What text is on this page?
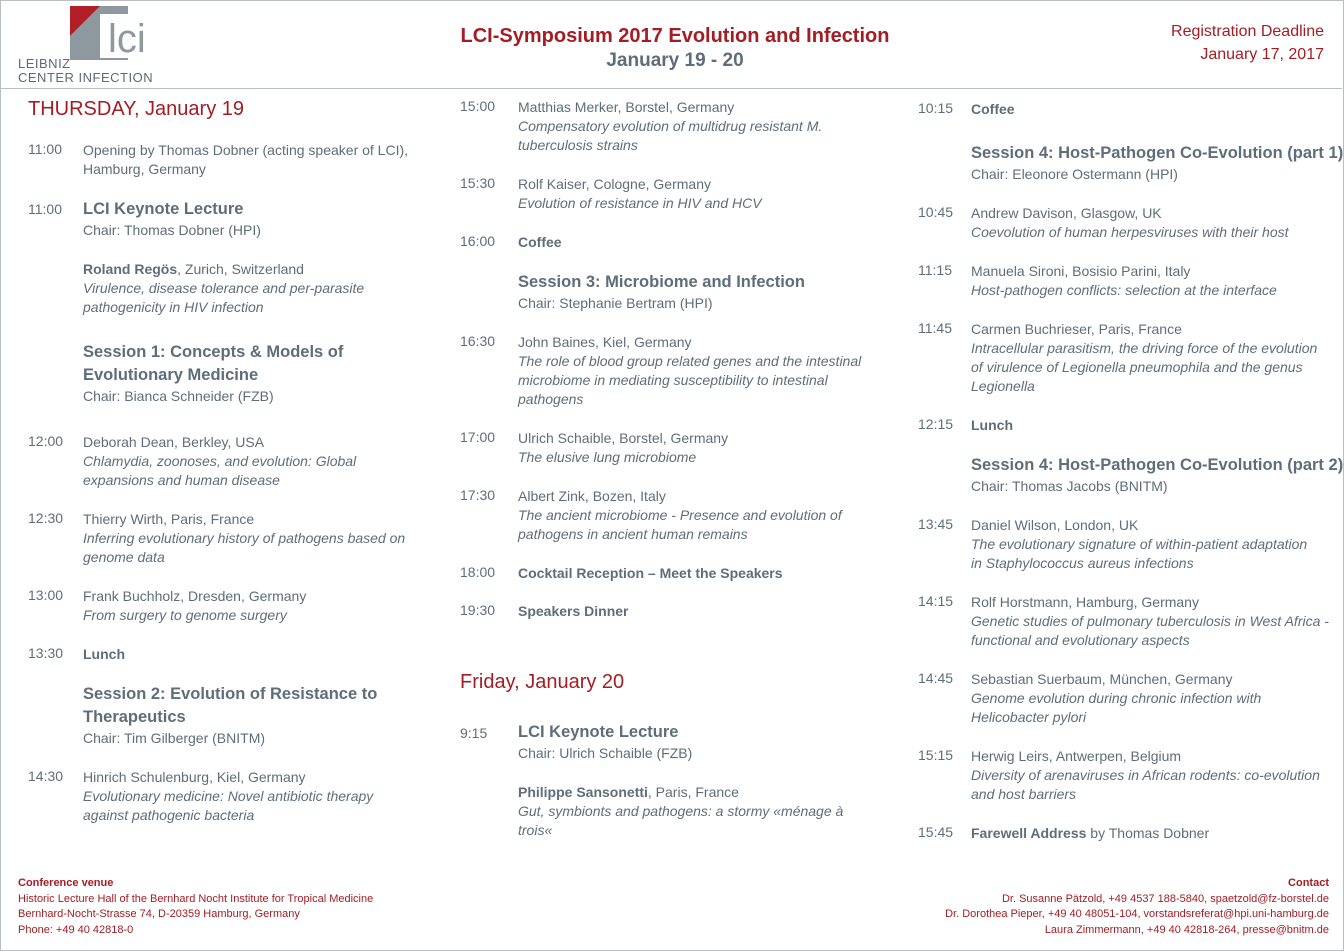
lci
LEIBNIZ
CENTER INFECTION
LCI-Symposium 2017 Evolution and Infection
January 19 - 20
Registration Deadline
January 17, 2017
THURSDAY, January 19
11:00 Opening by Thomas Dobner (acting speaker of LCI),
Hamburg, Germany
11:00 LCI Keynote Lecture
Chair: Thomas Dobner (HPI)
Roland Regös, Zurich, Switzerland
Virulence, disease tolerance and per-parasite
pathogenicity in HIV infection
Session 1: Concepts & Models of
Evolutionary Medicine
Chair: Bianca Schneider (FZB)
12:00 Deborah Dean, Berkley, USA
Chlamydia, zoonoses, and evolution: Global
expansions and human disease
12:30 Thierry Wirth, Paris, France
Inferring evolutionary history of pathogens based on
genome data
13:00 Frank Buchholz, Dresden, Germany
From surgery to genome surgery
13:30 Lunch
Session 2: Evolution of Resistance to
Therapeutics
Chair: Tim Gilberger (BNITM)
14:30 Hinrich Schulenburg, Kiel, Germany
Evolutionary medicine: Novel antibiotic therapy
against pathogenic bacteria
15:00 Matthias Merker, Borstel, Germany
Compensatory evolution of multidrug resistant M.
tuberculosis strains
15:30 Rolf Kaiser, Cologne, Germany
Evolution of resistance in HIV and HCV
16:00 Coffee
Session 3: Microbiome and Infection
Chair: Stephanie Bertram (HPI)
16:30 John Baines, Kiel, Germany
The role of blood group related genes and the intestinal
microbiome in mediating susceptibility to intestinal
pathogens
17:00 Ulrich Schaible, Borstel, Germany
The elusive lung microbiome
17:30 Albert Zink, Bozen, Italy
The ancient microbiome - Presence and evolution of
pathogens in ancient human remains
18:00 Cocktail Reception – Meet the Speakers
19:30 Speakers Dinner
Friday, January 20
9:15 LCI Keynote Lecture
Chair: Ulrich Schaible (FZB)
Philippe Sansonetti, Paris, France
Gut, symbionts and pathogens: a stormy «ménage à
trois«
10:15 Coffee
Session 4: Host-Pathogen Co-Evolution (part 1)
Chair: Eleonore Ostermann (HPI)
10:45 Andrew Davison, Glasgow, UK
Coevolution of human herpesviruses with their host
11:15 Manuela Sironi, Bosisio Parini, Italy
Host-pathogen conflicts: selection at the interface
11:45 Carmen Buchrieser, Paris, France
Intracellular parasitism, the driving force of the evolution
of virulence of Legionella pneumophila and the genus
Legionella
12:15 Lunch
Session 4: Host-Pathogen Co-Evolution (part 2)
Chair: Thomas Jacobs (BNITM)
13:45 Daniel Wilson, London, UK
The evolutionary signature of within-patient adaptation
in Staphylococcus aureus infections
14:15 Rolf Horstmann, Hamburg, Germany
Genetic studies of pulmonary tuberculosis in West Africa -
functional and evolutionary aspects
14:45 Sebastian Suerbaum, München, Germany
Genome evolution during chronic infection with
Helicobacter pylori
15:15 Herwig Leirs, Antwerpen, Belgium
Diversity of arenaviruses in African rodents: co-evolution
and host barriers
15:45 Farewell Address by Thomas Dobner
Conference venue
Historic Lecture Hall of the Bernhard Nocht Institute for Tropical Medicine
Bernhard-Nocht-Strasse 74, D-20359 Hamburg, Germany
Phone: +49 40 42818-0
Contact
Dr. Susanne Pätzold, +49 4537 188-5840, spaetzold@fz-borstel.de
Dr. Dorothea Pieper, +49 40 48051-104, vorstandsreferat@hpi.uni-hamburg.de
Laura Zimmermann, +49 40 42818-264, presse@bnitm.de
